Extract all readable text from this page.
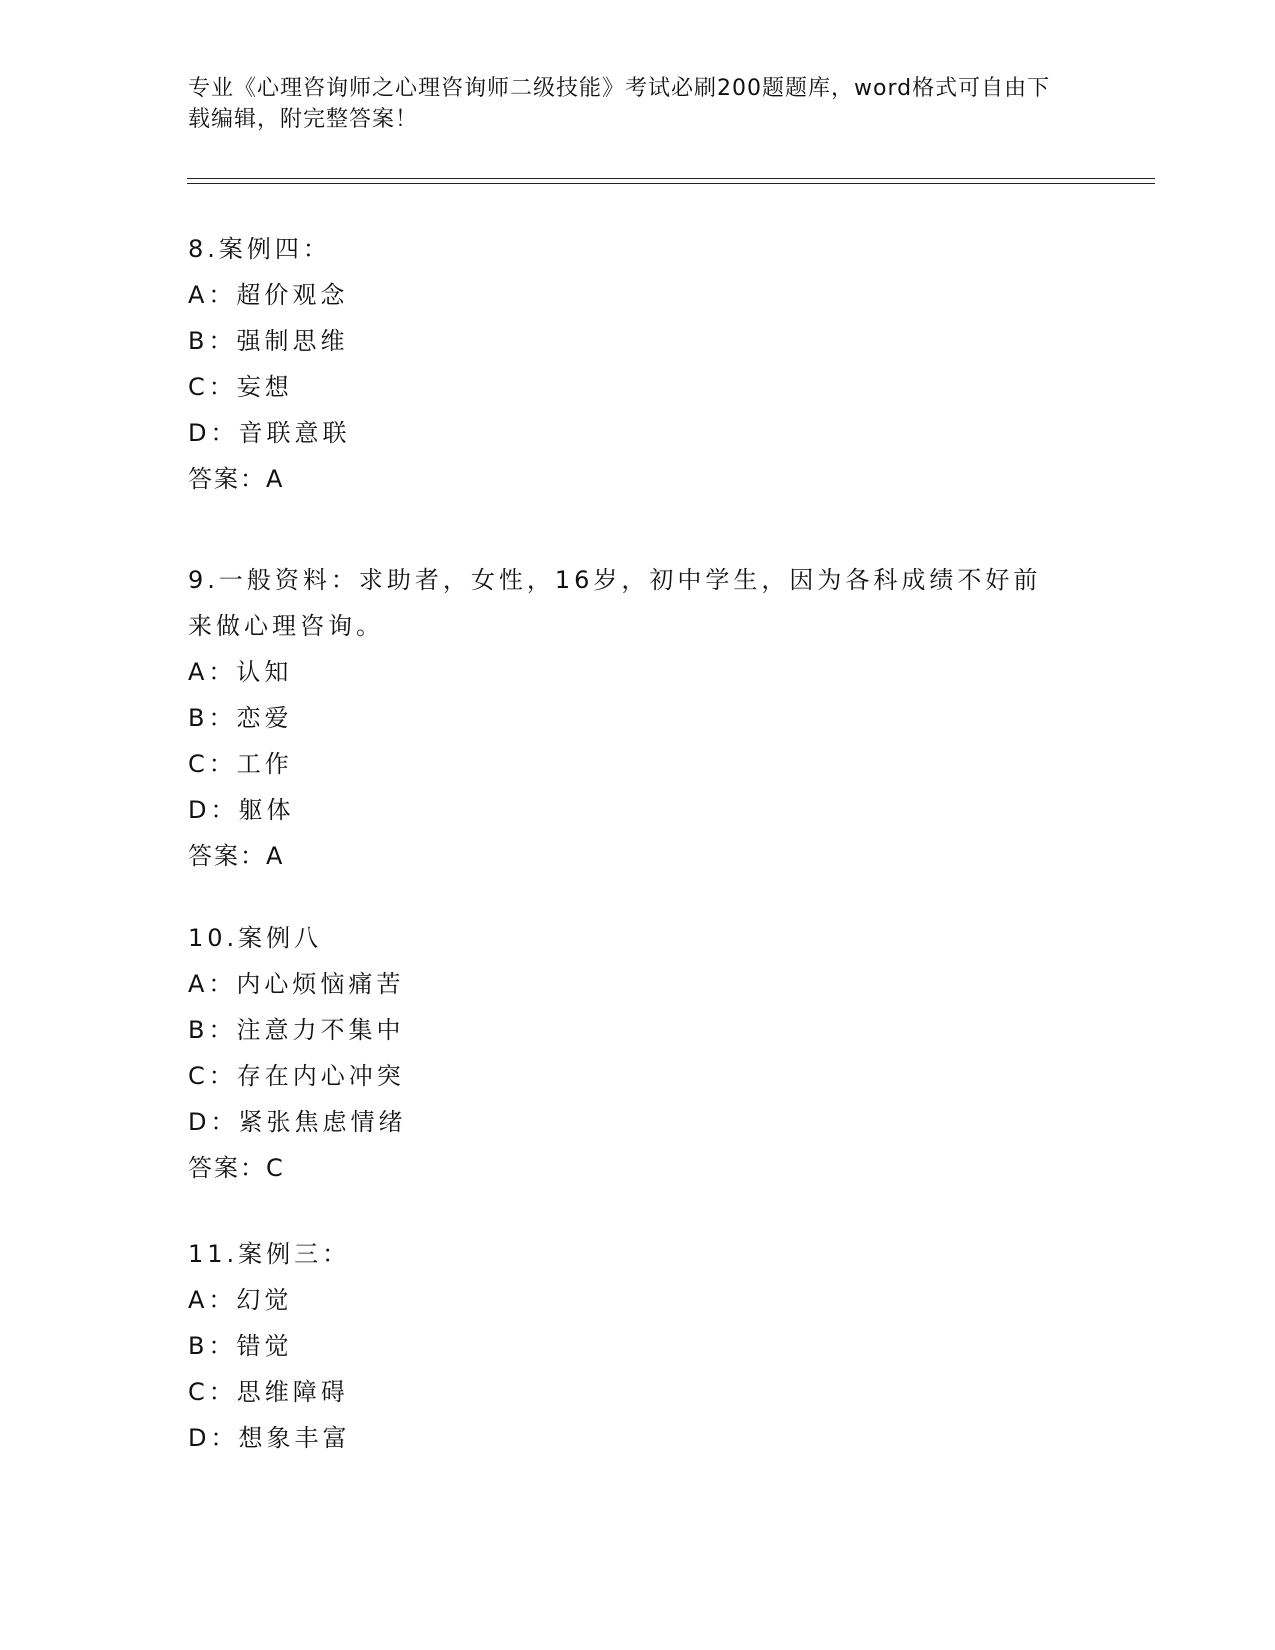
专业《心理咨询师之心理咨询师二级技能》考试必刷200题题库，word格式可自由下载编辑，附完整答案！
8.案例四：
A：超价观念
B：强制思维
C：妄想
D：音联意联
答案：A
9.一般资料：求助者，女性，16岁，初中学生，因为各科成绩不好前来做心理咨询。
A：认知
B：恋爱
C：工作
D：躯体
答案：A
10.案例八
A：内心烦恼痛苦
B：注意力不集中
C：存在内心冲突
D：紧张焦虑情绪
答案：C
11.案例三：
A：幻觉
B：错觉
C：思维障碍
D：想象丰富
